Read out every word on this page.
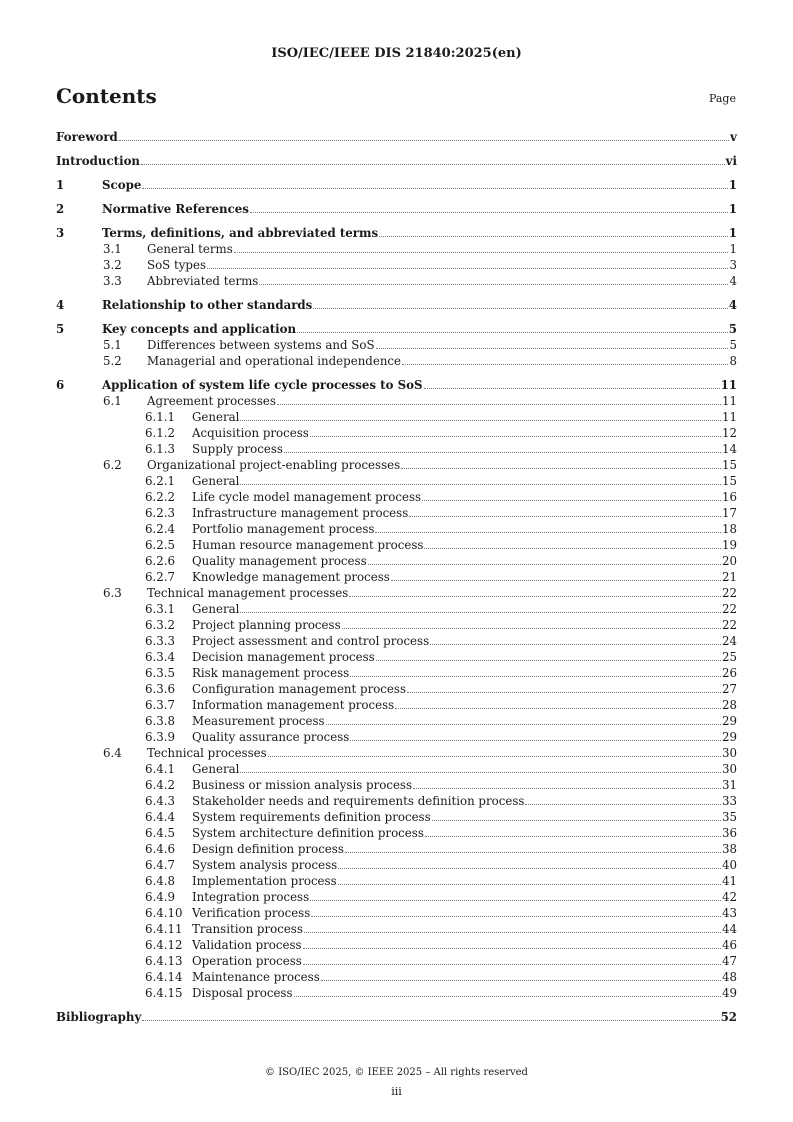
ISO/IEC/IEEE DIS 21840:2025(en)
Contents	Page
Foreword	v
Introduction	vi
1	Scope	1
2	Normative References	1
3	Terms, definitions, and abbreviated terms	1
3.1	General terms	1
3.2	SoS types	3
3.3	Abbreviated terms	4
4	Relationship to other standards	4
5	Key concepts and application	5
5.1	Differences between systems and SoS	5
5.2	Managerial and operational independence	8
6	Application of system life cycle processes to SoS	11
6.1	Agreement processes	11
6.1.1	General	11
6.1.2	Acquisition process	12
6.1.3	Supply process	14
6.2	Organizational project-enabling processes	15
6.2.1	General	15
6.2.2	Life cycle model management process	16
6.2.3	Infrastructure management process	17
6.2.4	Portfolio management process	18
6.2.5	Human resource management process	19
6.2.6	Quality management process	20
6.2.7	Knowledge management process	21
6.3	Technical management processes	22
6.3.1	General	22
6.3.2	Project planning process	22
6.3.3	Project assessment and control process	24
6.3.4	Decision management process	25
6.3.5	Risk management process	26
6.3.6	Configuration management process	27
6.3.7	Information management process	28
6.3.8	Measurement process	29
6.3.9	Quality assurance process	29
6.4	Technical processes	30
6.4.1	General	30
6.4.2	Business or mission analysis process	31
6.4.3	Stakeholder needs and requirements definition process	33
6.4.4	System requirements definition process	35
6.4.5	System architecture definition process	36
6.4.6	Design definition process	38
6.4.7	System analysis process	40
6.4.8	Implementation process	41
6.4.9	Integration process	42
6.4.10 Verification process	43
6.4.11 Transition process	44
6.4.12 Validation process	46
6.4.13 Operation process	47
6.4.14 Maintenance process	48
6.4.15 Disposal process	49
Bibliography	52
© ISO/IEC 2025, © IEEE 2025 – All rights reserved
iii
